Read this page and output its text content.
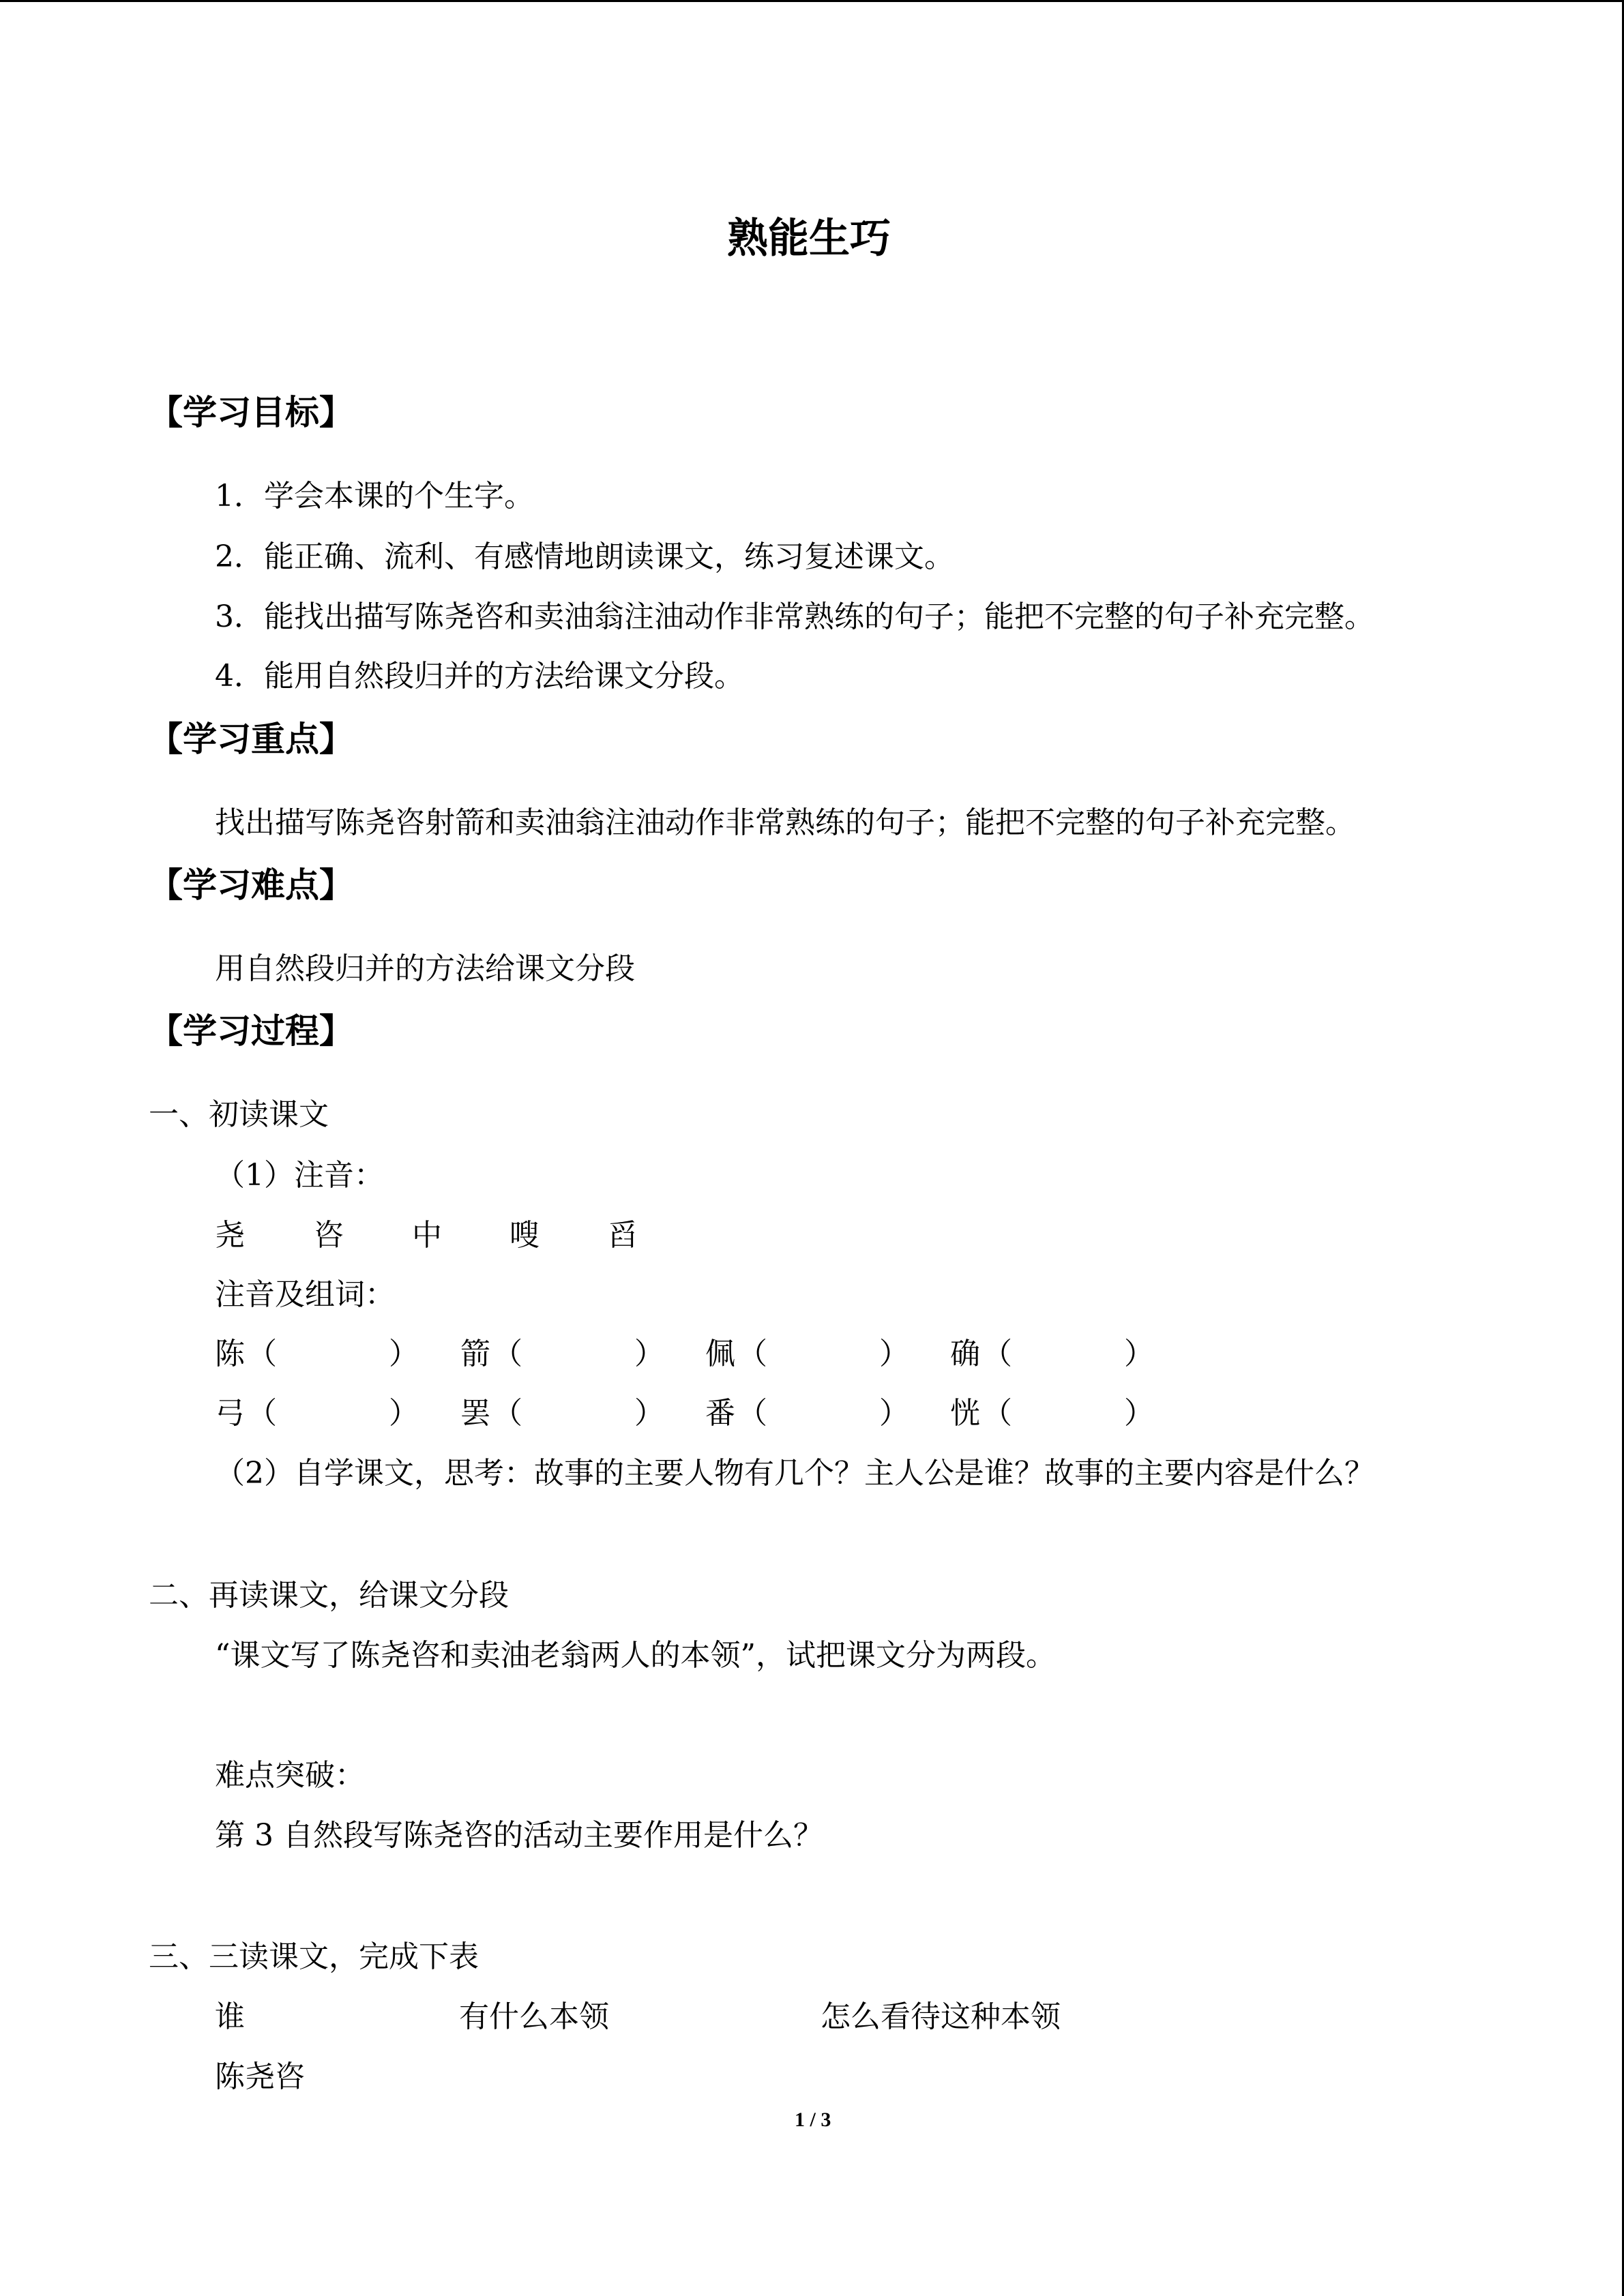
熟能生巧
【学习目标】
1．学会本课的个生字。
2．能正确、流利、有感情地朗读课文，练习复述课文。
3．能找出描写陈尧咨和卖油翁注油动作非常熟练的句子；能把不完整的句子补充完整。
4．能用自然段归并的方法给课文分段。
【学习重点】
找出描写陈尧咨射箭和卖油翁注油动作非常熟练的句子；能把不完整的句子补充完整。
【学习难点】
用自然段归并的方法给课文分段
【学习过程】
一、初读课文
（1）注音：
尧 咨 中 嗖 舀
注音及组词：
陈 （	） 箭 （	） 佩 （	） 确 （	）
弓 （	） 罢 （	） 番 （	） 恍 （	）
（2）自学课文，思考：故事的主要人物有几个？主人公是谁？故事的主要内容是什么？
二、再读课文，给课文分段
“课文写了陈尧咨和卖油老翁两人的本领”，试把课文分为两段。
难点突破：
第 3 自然段写陈尧咨的活动主要作用是什么？
三、三读课文，完成下表
谁	有什么本领	怎么看待这种本领
陈尧咨
1 / 3
